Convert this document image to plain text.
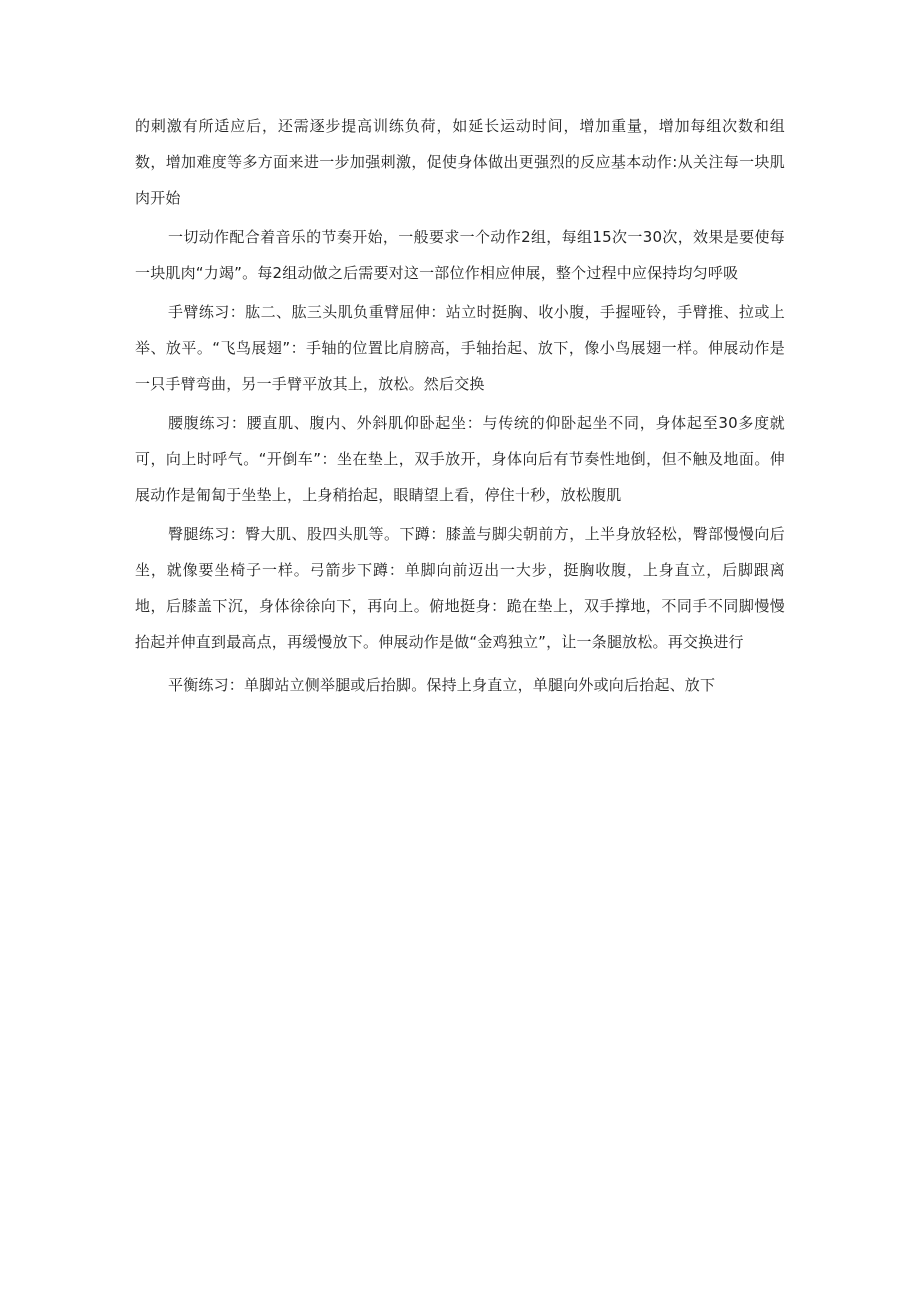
的刺激有所适应后，还需逐步提高训练负荷，如延长运动时间，增加重量，增加每组次数和组数，增加难度等多方面来进一步加强刺激，促使身体做出更强烈的反应基本动作:从关注每一块肌肉开始

一切动作配合着音乐的节奏开始，一般要求一个动作2组，每组15次一30次，效果是要使每一块肌肉“力竭”。每2组动做之后需要对这一部位作相应伸展，整个过程中应保持均匀呼吸

手臂练习：肱二、肱三头肌负重臂屈伸：站立时挺胸、收小腹，手握哑铃，手臂推、拉或上举、放平。“飞鸟展翅”：手轴的位置比肩膀高，手轴抬起、放下，像小鸟展翅一样。伸展动作是一只手臂弯曲，另一手臂平放其上，放松。然后交换

腰腹练习：腰直肌、腹内、外斜肌仰卧起坐：与传统的仰卧起坐不同，身体起至30多度就可，向上时呼气。“开倒车”：坐在垫上，双手放开，身体向后有节奏性地倒，但不触及地面。伸展动作是匍匐于坐垫上，上身稍抬起，眼睛望上看，停住十秒，放松腹肌

臀腿练习：臀大肌、股四头肌等。下蹲：膝盖与脚尖朝前方，上半身放轻松，臀部慢慢向后坐，就像要坐椅子一样。弓箭步下蹲：单脚向前迈出一大步，挺胸收腹，上身直立，后脚跟离地，后膝盖下沉，身体徐徐向下，再向上。俯地挺身：跪在垫上，双手撑地，不同手不同脚慢慢抬起并伸直到最高点，再缓慢放下。伸展动作是做“金鸡独立”，让一条腿放松。再交换进行

平衡练习：单脚站立侧举腿或后抬脚。保持上身直立，单腿向外或向后抬起、放下
